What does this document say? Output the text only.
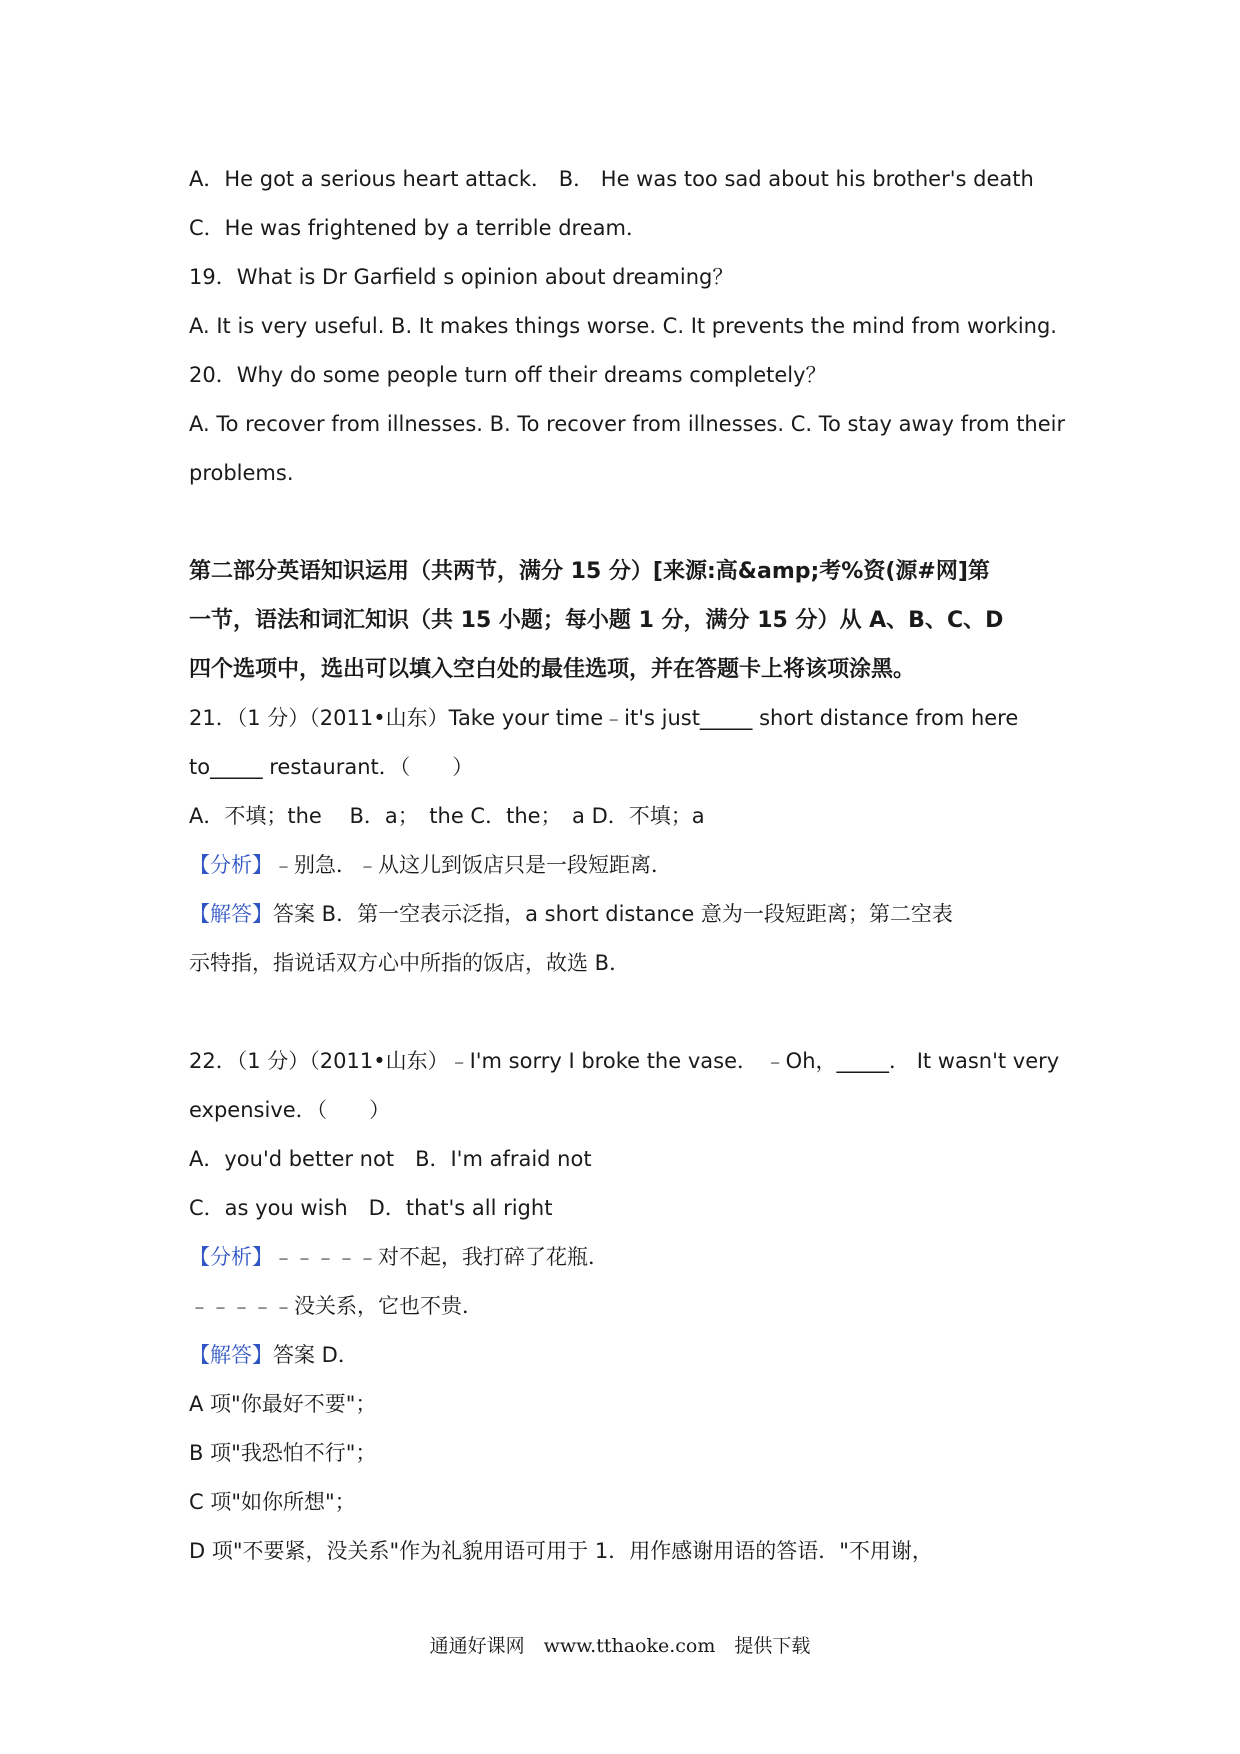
A．He got a serious heart attack． B． He was too sad about his brother's death
C．He was frightened by a terrible dream．
19．What is Dr Garfield s opinion about dreaming？
A. It is very useful. B. It makes things worse. C. It prevents the mind from working.
20．Why do some people turn off their dreams completely？
A. To recover from illnesses. B. To recover from illnesses. C. To stay away from their
problems.
第二部分英语知识运用（共两节，满分 15 分）[来源:高&amp;考%资(源#网]第
一节，语法和词汇知识（共 15 小题；每小题 1 分，满分 15 分）从 A、B、C、D
四个选项中，选出可以填入空白处的最佳选项，并在答题卡上将该项涂黑。
21．（1 分）（2011•山东）Take your time﹣it's just_____ short distance from here
to_____ restaurant．（　　）
A．不填；the　 B．a；　the C．the；　a D．不填；a
【分析】﹣别急．﹣从这儿到饭店只是一段短距离．
【解答】答案 B．第一空表示泛指，a short distance 意为一段短距离；第二空表
示特指，指说话双方心中所指的饭店，故选 B．
22．（1 分）（2011•山东）﹣I'm sorry I broke the vase． ﹣Oh，_____． It wasn't very
expensive．（　　）
A．you'd better not　B．I'm afraid not
C．as you wish　D．that's all right
【分析】﹣﹣﹣﹣﹣对不起，我打碎了花瓶．
﹣﹣﹣﹣﹣没关系，它也不贵．
【解答】答案 D．
A 项"你最好不要"；
B 项"我恐怕不行"；
C 项"如你所想"；
D 项"不要紧，没关系"作为礼貌用语可用于 1．用作感谢用语的答语．"不用谢，
通通好课网　www.tthaoke.com　提供下载
